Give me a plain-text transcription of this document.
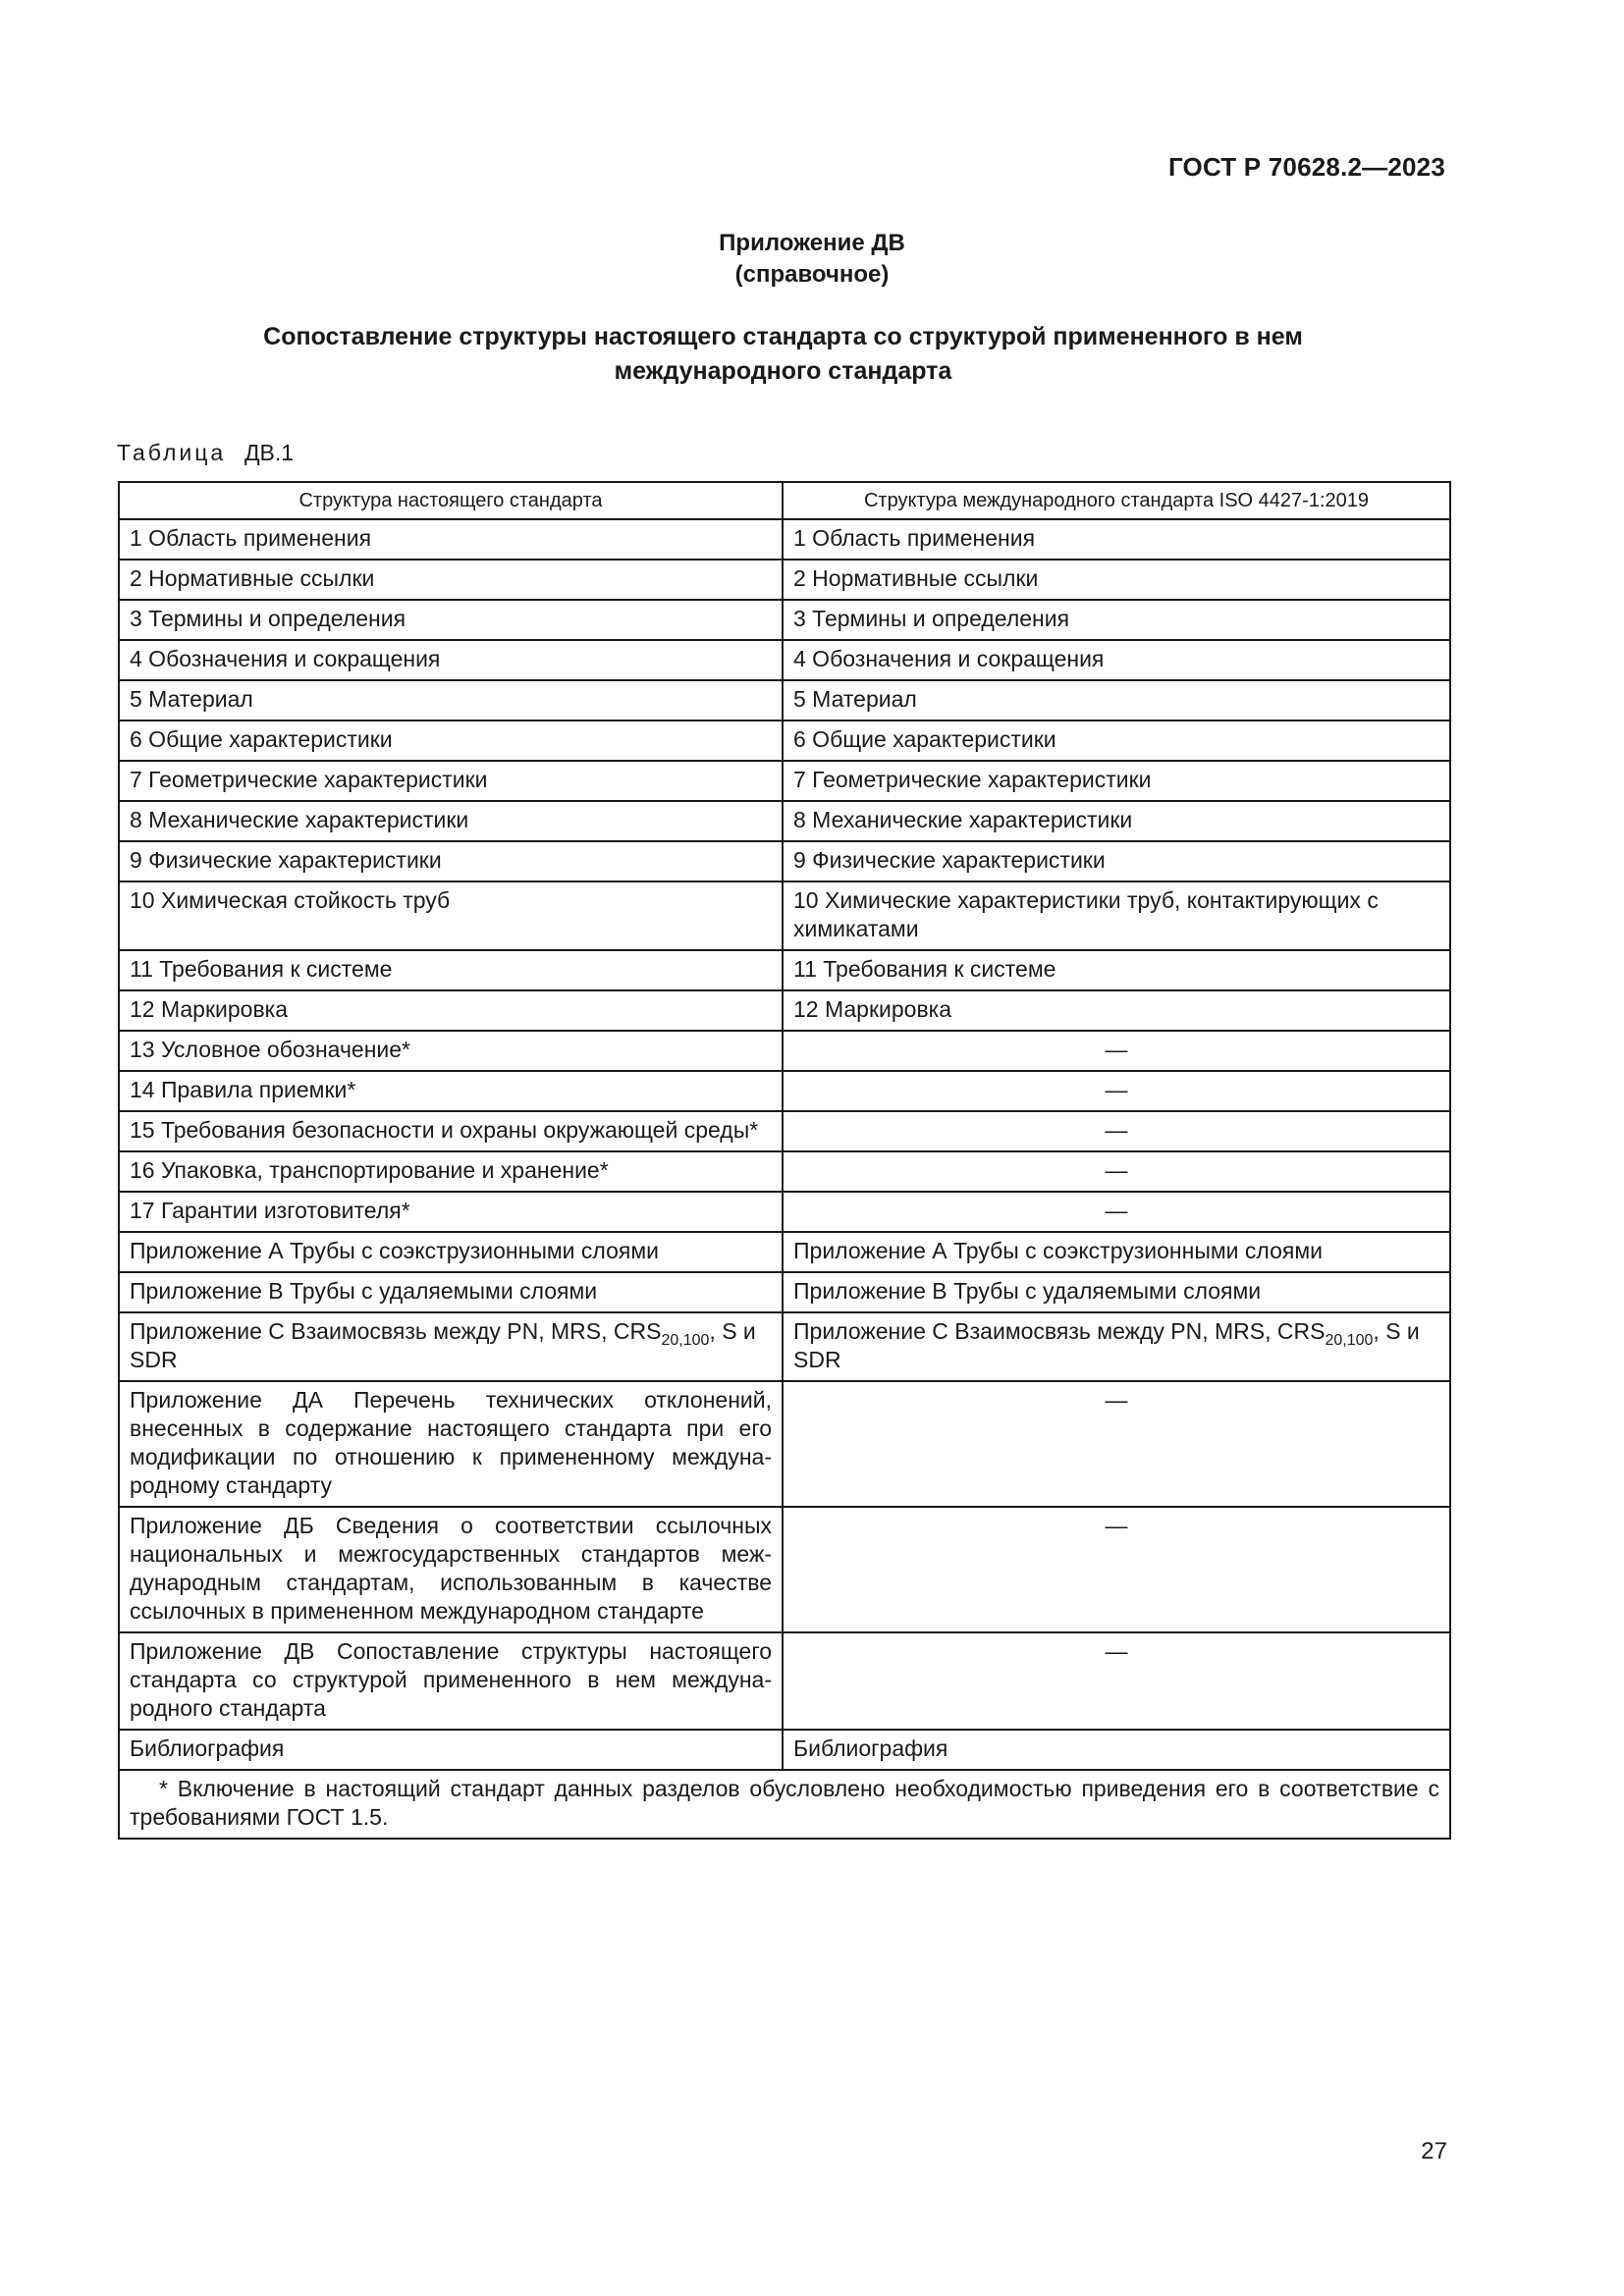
ГОСТ Р 70628.2—2023
Приложение ДВ
(справочное)
Сопоставление структуры настоящего стандарта со структурой примененного в нем
международного стандарта
Таблица ДВ.1
Структура настоящего стандарта	Структура международного стандарта ISO 4427-1:2019
1 Область применения	1 Область применения
2 Нормативные ссылки	2 Нормативные ссылки
3 Термины и определения	3 Термины и определения
4 Обозначения и сокращения	4 Обозначения и сокращения
5 Материал	5 Материал
6 Общие характеристики	6 Общие характеристики
7 Геометрические характеристики	7 Геометрические характеристики
8 Механические характеристики	8 Механические характеристики
9 Физические характеристики	9 Физические характеристики
10 Химическая стойкость труб	10 Химические характеристики труб, контактирующих с химикатами
11 Требования к системе	11 Требования к системе
12 Маркировка	12 Маркировка
13 Условное обозначение*	—
14 Правила приемки*	—
15 Требования безопасности и охраны окружающей среды*	—
16 Упаковка, транспортирование и хранение*	—
17 Гарантии изготовителя*	—
Приложение А Трубы с соэкструзионными слоями	Приложение А Трубы с соэкструзионными слоями
Приложение В Трубы с удаляемыми слоями	Приложение В Трубы с удаляемыми слоями
Приложение С Взаимосвязь между PN, MRS, $CRS_{20,100}$, S и SDR	Приложение С Взаимосвязь между PN, MRS, $CRS_{20,100}$, S и SDR
Приложение ДА Перечень технических отклонений, внесенных в содержание настоящего стандарта при его модификации по отношению к примененному международному стандарту	—
Приложение ДБ Сведения о соответствии ссылочных национальных и межгосударственных стандартов международным стандартам, использованным в качестве ссылочных в примененном международном стандарте	—
Приложение ДВ Сопоставление структуры настоящего стандарта со структурой примененного в нем международного стандарта	—
Библиография	Библиография
* Включение в настоящий стандарт данных разделов обусловлено необходимостью приведения его в соответствие с требованиями ГОСТ 1.5.	
27
